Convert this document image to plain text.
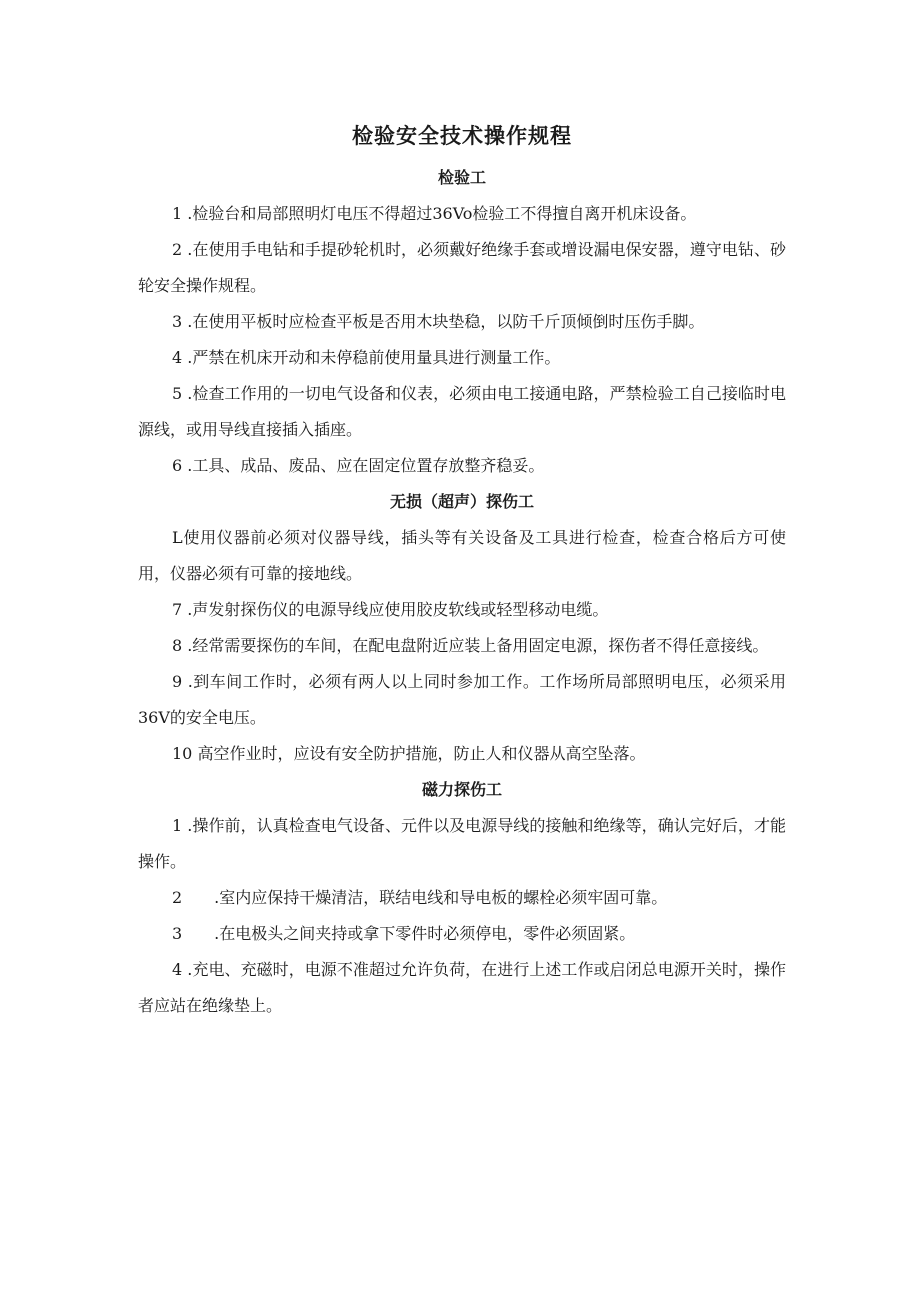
检验安全技术操作规程
检验工

1 .检验台和局部照明灯电压不得超过36Vo检验工不得擅自离开机床设备。

2 .在使用手电钻和手提砂轮机时，必须戴好绝缘手套或增设漏电保安器，遵守电钻、砂轮安全操作规程。

3 .在使用平板时应检查平板是否用木块垫稳，以防千斤顶倾倒时压伤手脚。

4 .严禁在机床开动和未停稳前使用量具进行测量工作。

5 .检查工作用的一切电气设备和仪表，必须由电工接通电路，严禁检验工自己接临时电源线，或用导线直接插入插座。

6 .工具、成品、废品、应在固定位置存放整齐稳妥。

无损（超声）探伤工

L使用仪器前必须对仪器导线，插头等有关设备及工具进行检查，检查合格后方可使用，仪器必须有可靠的接地线。

7 .声发射探伤仪的电源导线应使用胶皮软线或轻型移动电缆。

8 .经常需要探伤的车间，在配电盘附近应装上备用固定电源，探伤者不得任意接线。

9 .到车间工作时，必须有两人以上同时参加工作。工作场所局部照明电压，必须采用36V的安全电压。

10 高空作业时，应设有安全防护措施，防止人和仪器从高空坠落。

磁力探伤工

1 .操作前，认真检查电气设备、元件以及电源导线的接触和绝缘等，确认完好后，才能操作。

2　　.室内应保持干燥清洁，联结电线和导电板的螺栓必须牢固可靠。

3　　.在电极头之间夹持或拿下零件时必须停电，零件必须固紧。

4 .充电、充磁时，电源不准超过允许负荷，在进行上述工作或启闭总电源开关时，操作者应站在绝缘垫上。
